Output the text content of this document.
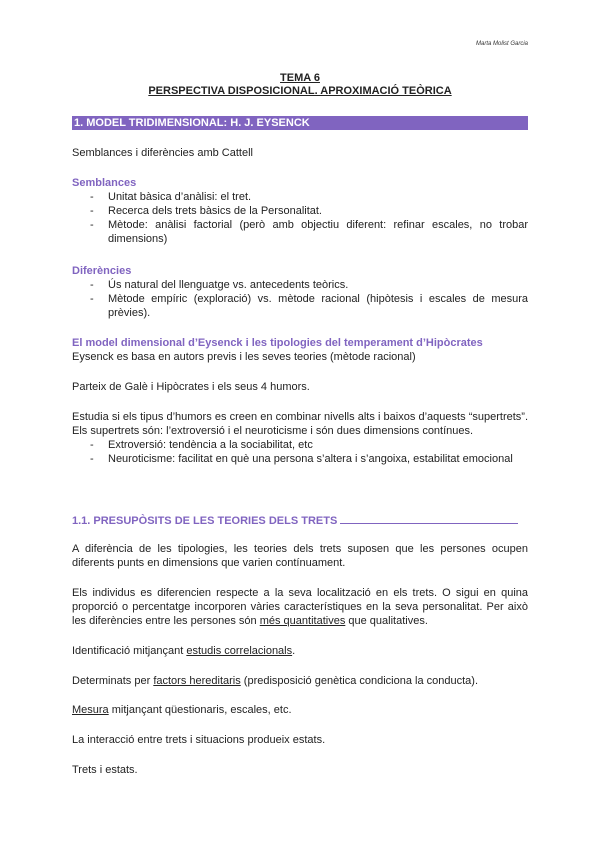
Marta Molist Garcia
TEMA 6
PERSPECTIVA DISPOSICIONAL. APROXIMACIÓ TEÒRICA
1. MODEL TRIDIMENSIONAL: H. J. EYSENCK
Semblances i diferències amb Cattell
Semblances
- Unitat bàsica d’anàlisi: el tret.
- Recerca dels trets bàsics de la Personalitat.
- Mètode: anàlisi factorial (però amb objectiu diferent: refinar escales, no trobar dimensions)
Diferències
- Ús natural del llenguatge vs. antecedents teòrics.
- Mètode empíric (exploració) vs. mètode racional (hipòtesis i escales de mesura prèvies).
El model dimensional d’Eysenck i les tipologies del temperament d’Hipòcrates
Eysenck es basa en autors previs i les seves teories (mètode racional)
Parteix de Galè i Hipòcrates i els seus 4 humors.
Estudia si els tipus d’humors es creen en combinar nivells alts i baixos d’aquests “supertrets”. Els supertrets són: l’extroversió i el neuroticisme i són dues dimensions contínues.
- Extroversió: tendència a la sociabilitat, etc
- Neuroticisme: facilitat en què una persona s’altera i s’angoixa, estabilitat emocional
1.1. PRESUPÒSITS DE LES TEORIES DELS TRETS
A diferència de les tipologies, les teories dels trets suposen que les persones ocupen diferents punts en dimensions que varien contínuament.
Els individus es diferencien respecte a la seva localització en els trets. O sigui en quina proporció o percentatge incorporen vàries característiques en la seva personalitat. Per això les diferències entre les persones són més quantitatives que qualitatives.
Identificació mitjançant estudis correlacionals.
Determinats per factors hereditaris (predisposició genètica condiciona la conducta).
Mesura mitjançant qüestionaris, escales, etc.
La interacció entre trets i situacions produeix estats.
Trets i estats.
